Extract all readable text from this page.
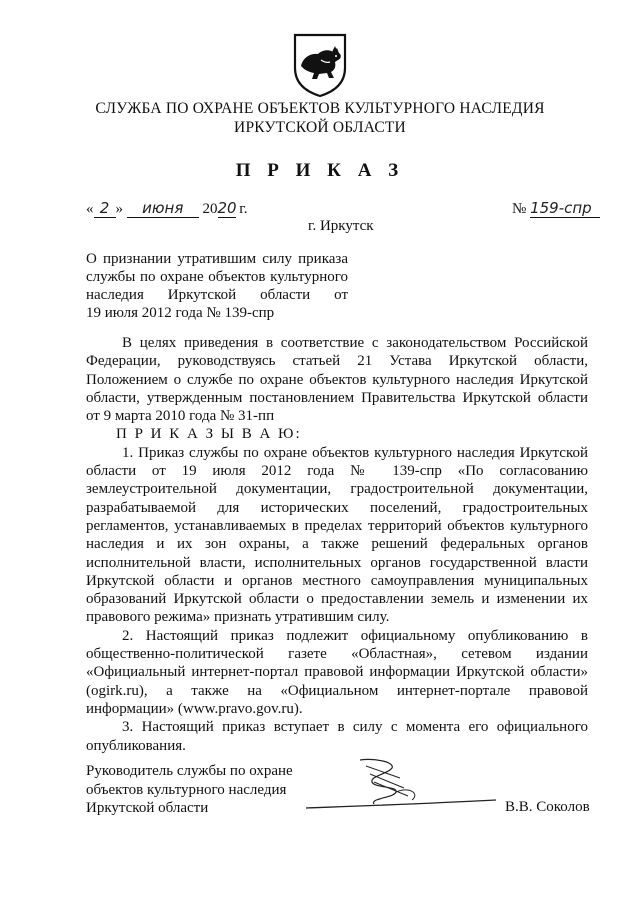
СЛУЖБА ПО ОХРАНЕ ОБЪЕКТОВ КУЛЬТУРНОГО НАСЛЕДИЯ
ИРКУТСКОЙ ОБЛАСТИ
П Р И К А З
« 2 » июня 2020 г.	№ 159-спр
г. Иркутск

О признании утратившим силу приказа

службы по охране объектов культурного

наследия Иркутской области от

19 июля 2012 года № 139-спр

В целях приведения в соответствие с законодательством Российской Федерации, руководствуясь статьей 21 Устава Иркутской области, Положением о службе по охране объектов культурного наследия Иркутской области, утвержденным постановлением Правительства Иркутской области от 9 марта 2010 года № 31-пп

П Р И К А З Ы В А Ю:

1. Приказ службы по охране объектов культурного наследия Иркутской области от 19 июля 2012 года № 139-спр «По согласованию землеустроительной документации, градостроительной документации, разрабатываемой для исторических поселений, градостроительных регламентов, устанавливаемых в пределах территорий объектов культурного наследия и их зон охраны, а также решений федеральных органов исполнительной власти, исполнительных органов государственной власти Иркутской области и органов местного самоуправления муниципальных образований Иркутской области о предоставлении земель и изменении их правового режима» признать утратившим силу.

2. Настоящий приказ подлежит официальному опубликованию в общественно-политической газете «Областная», сетевом издании «Официальный интернет-портал правовой информации Иркутской области» (ogirk.ru), а также на «Официальном интернет-портале правовой информации» (www.pravo.gov.ru).

3. Настоящий приказ вступает в силу с момента его официального опубликования.

Руководитель службы по охране
объектов культурного наследия
Иркутской области	В.В. Соколов
